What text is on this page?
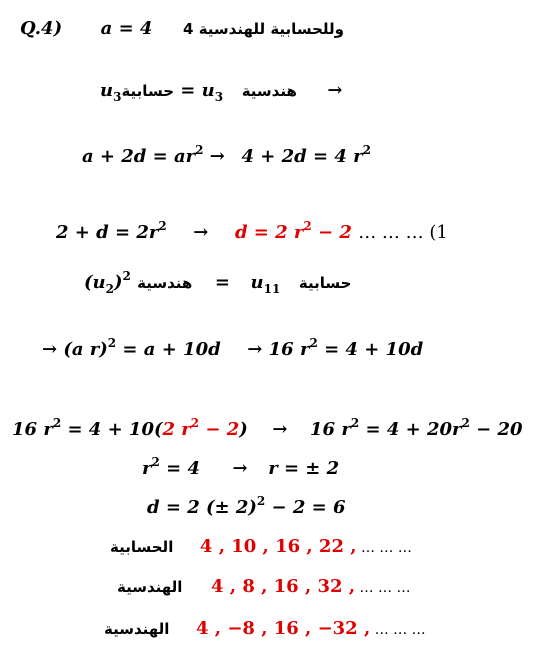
Q.4) a = 4 وللحسابية للهندسية 4
$u_3حسابية = u_3$ هندسية →
$a + 2d = ar^2 \to 4 + 2d = 4$ $r^2$
$2 + d = 2r^2 \to d = 2$ $r^2 - 2$ … … … (1
$(u_2)^2$ هندسية = $u_{11}$ حسابية
→ (a r)$^2$ = a + 10d → 16 $r^2 = 4 + 10d$
16 $r^2 = 4 + 10(2$ $r^2 - 2) \to 16$ $r^2 = 4 + 20r^2 - 20$
$r^2 = 4 \to r$ = ± 2
d = 2 (± 2)$^2$ − 2 = 6
الحسابية 4 , 10 , 16 , 22 , … … …
الهندسية 4 , 8 , 16 , 32 , … … …
الهندسية 4 , −8 , 16 , −32 , … … …
